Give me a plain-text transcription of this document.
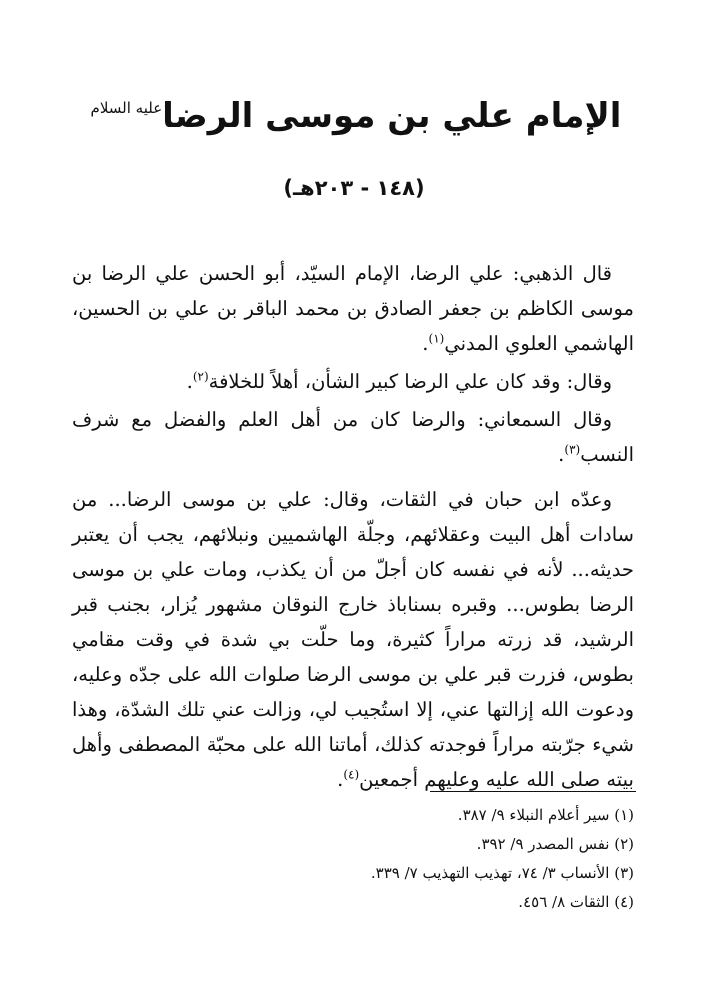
الإمام علي بن موسى الرضا$^{عليه السلام}$
(١٤٨ - ٢٠٣هـ)

قال الذهبي: علي الرضا، الإمام السيّد، أبو الحسن علي الرضا بن موسى الكاظم بن جعفر الصادق بن محمد الباقر بن علي بن الحسين، الهاشمي العلوي المدني$^{(١)}$.

وقال: وقد كان علي الرضا كبير الشأن، أهلاً للخلافة$^{(٢)}$.

وقال السمعاني: والرضا كان من أهل العلم والفضل مع شرف النسب$^{(٣)}$.

وعدّه ابن حبان في الثقات، وقال: علي بن موسى الرضا... من سادات أهل البيت وعقلائهم، وجلّة الهاشميين ونبلائهم، يجب أن يعتبر حديثه... لأنه في نفسه كان أجلّ من أن يكذب، ومات علي بن موسى الرضا بطوس... وقبره بسناباذ خارج النوقان مشهور يُزار، بجنب قبر الرشيد، قد زرته مراراً كثيرة، وما حلّت بي شدة في وقت مقامي بطوس، فزرت قبر علي بن موسى الرضا صلوات الله على جدّه وعليه، ودعوت الله إزالتها عني، إلا استُجيب لي، وزالت عني تلك الشدّة، وهذا شيء جرّبته مراراً فوجدته كذلك، أماتنا الله على محبّة المصطفى وأهل بيته صلى الله عليه وعليهم أجمعين$^{(٤)}$.

(١) سير أعلام النبلاء ٩/ ٣٨٧.
(٢) نفس المصدر ٩/ ٣٩٢.
(٣) الأنساب ٣/ ٧٤، تهذيب التهذيب ٧/ ٣٣٩.
(٤) الثقات ٨/ ٤٥٦.
